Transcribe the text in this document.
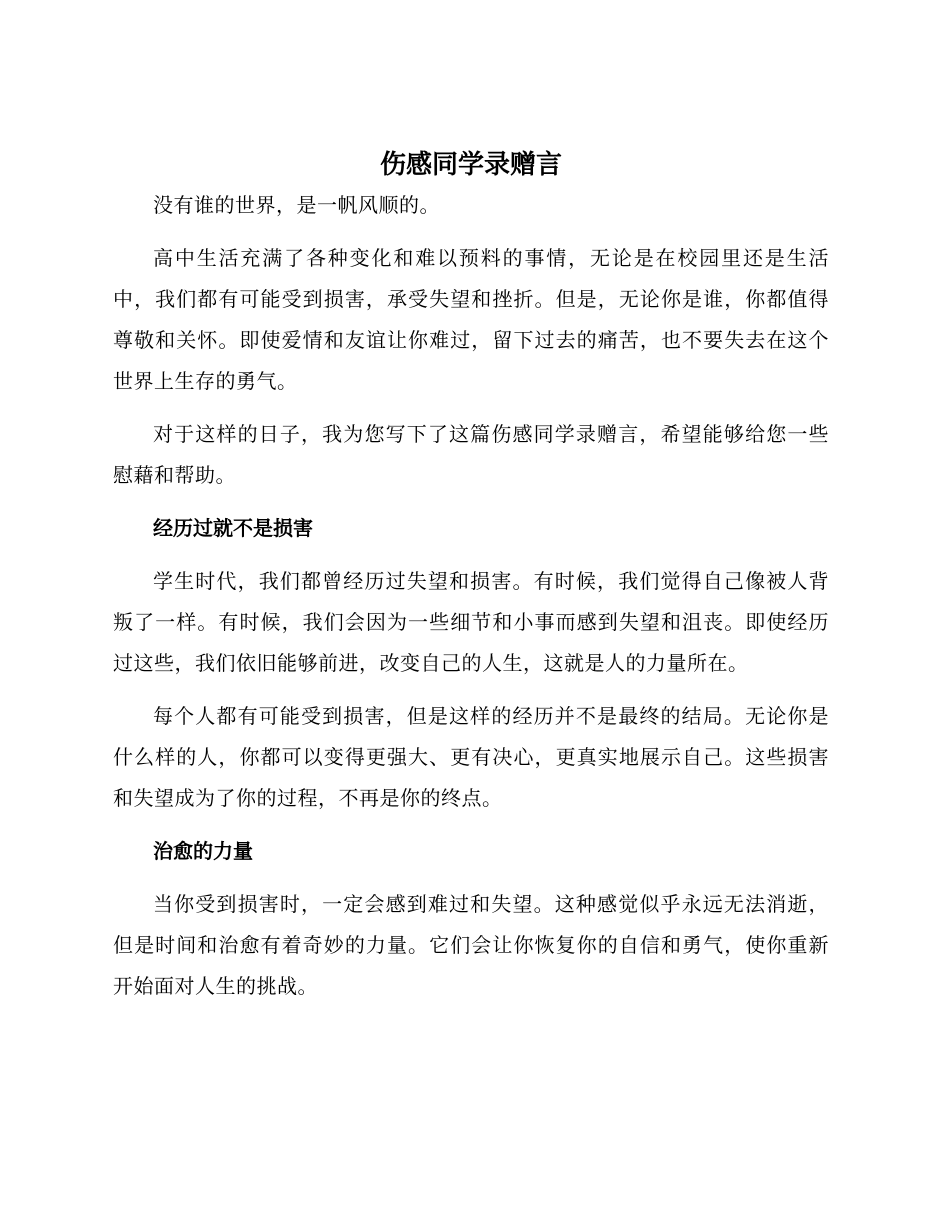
伤感同学录赠言

没有谁的世界，是一帆风顺的。

高中生活充满了各种变化和难以预料的事情，无论是在校园里还是生活中，我们都有可能受到损害，承受失望和挫折。但是，无论你是谁，你都值得尊敬和关怀。即使爱情和友谊让你难过，留下过去的痛苦，也不要失去在这个世界上生存的勇气。

对于这样的日子，我为您写下了这篇伤感同学录赠言，希望能够给您一些慰藉和帮助。

经历过就不是损害

学生时代，我们都曾经历过失望和损害。有时候，我们觉得自己像被人背叛了一样。有时候，我们会因为一些细节和小事而感到失望和沮丧。即使经历过这些，我们依旧能够前进，改变自己的人生，这就是人的力量所在。

每个人都有可能受到损害，但是这样的经历并不是最终的结局。无论你是什么样的人，你都可以变得更强大、更有决心，更真实地展示自己。这些损害和失望成为了你的过程，不再是你的终点。

治愈的力量

当你受到损害时，一定会感到难过和失望。这种感觉似乎永远无法消逝，但是时间和治愈有着奇妙的力量。它们会让你恢复你的自信和勇气，使你重新开始面对人生的挑战。
